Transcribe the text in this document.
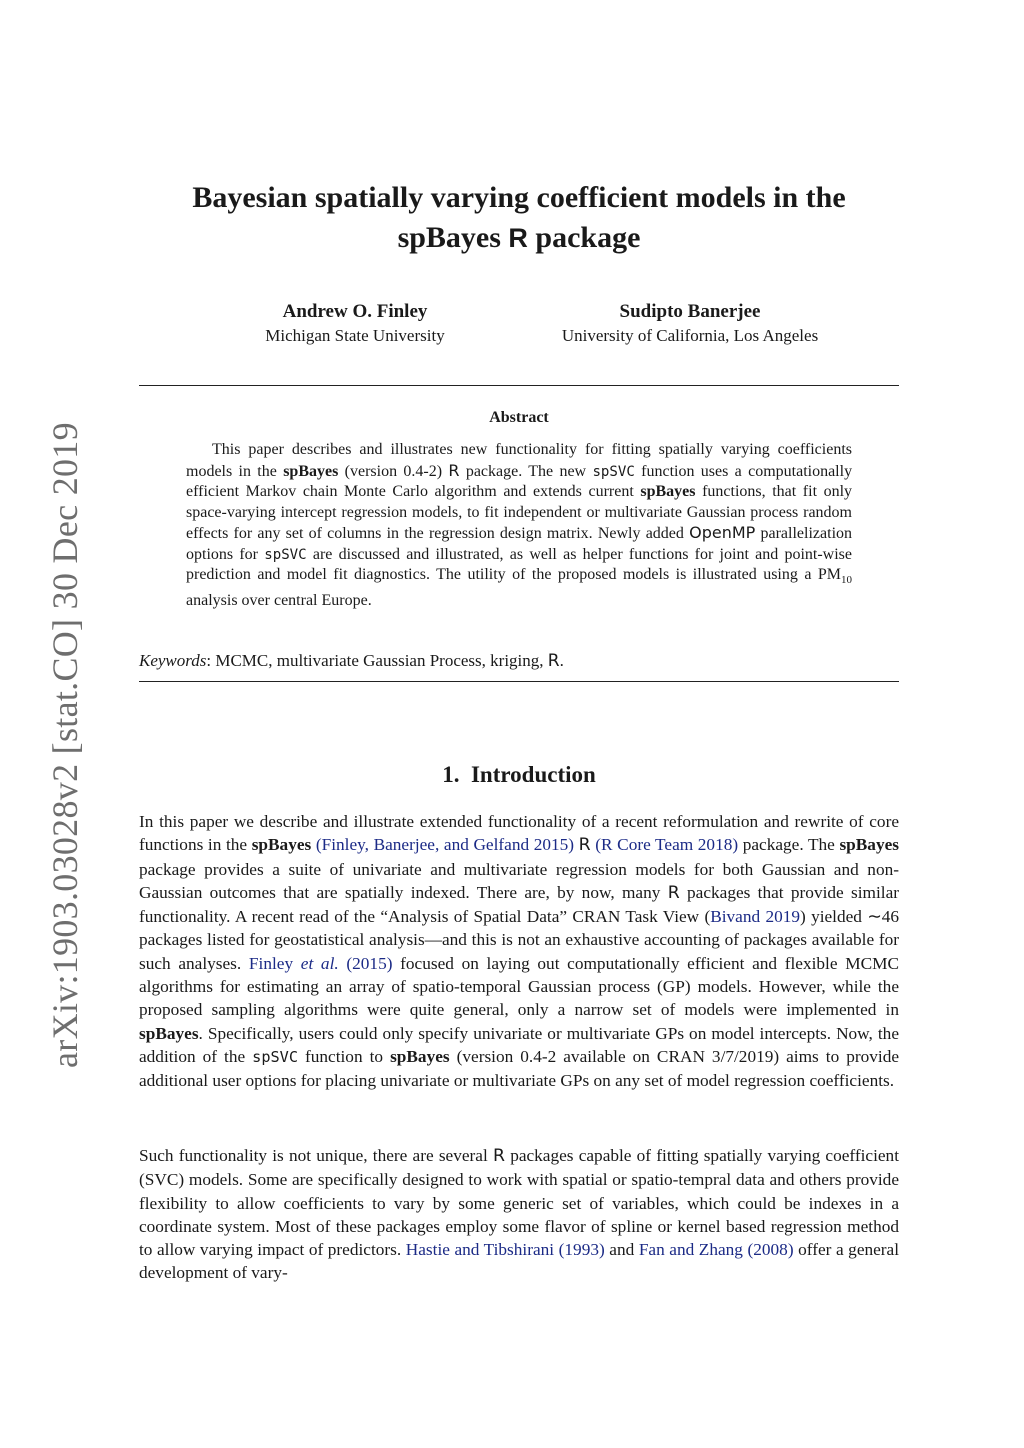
arXiv:1903.03028v2 [stat.CO] 30 Dec 2019
Bayesian spatially varying coefficient models in the
spBayes R package
Andrew O. Finley
Michigan State University
Sudipto Banerjee
University of California, Los Angeles
Abstract
This paper describes and illustrates new functionality for fitting spatially varying coefficients models in the spBayes (version 0.4-2) R package. The new spSVC function uses a computationally efficient Markov chain Monte Carlo algorithm and extends current spBayes functions, that fit only space-varying intercept regression models, to fit independent or multivariate Gaussian process random effects for any set of columns in the regression design matrix. Newly added OpenMP parallelization options for spSVC are discussed and illustrated, as well as helper functions for joint and point-wise prediction and model fit diagnostics. The utility of the proposed models is illustrated using a $PM_{10}$ analysis over central Europe.
Keywords: MCMC, multivariate Gaussian Process, kriging, R.
1. Introduction
In this paper we describe and illustrate extended functionality of a recent reformulation and rewrite of core functions in the spBayes (Finley, Banerjee, and Gelfand 2015) R (R Core Team 2018) package. The spBayes package provides a suite of univariate and multivariate regression models for both Gaussian and non-Gaussian outcomes that are spatially indexed. There are, by now, many R packages that provide similar functionality. A recent read of the “Analysis of Spatial Data” CRAN Task View (Bivand 2019) yielded ∼46 packages listed for geostatistical analysis—and this is not an exhaustive accounting of packages available for such analyses. Finley et al. (2015) focused on laying out computationally efficient and flexible MCMC algorithms for estimating an array of spatio-temporal Gaussian process (GP) models. However, while the proposed sampling algorithms were quite general, only a narrow set of models were implemented in spBayes. Specifically, users could only specify univariate or multivariate GPs on model intercepts. Now, the addition of the spSVC function to spBayes (version 0.4-2 available on CRAN 3/7/2019) aims to provide additional user options for placing univariate or multivariate GPs on any set of model regression coefficients.
Such functionality is not unique, there are several R packages capable of fitting spatially varying coefficient (SVC) models. Some are specifically designed to work with spatial or spatio-tempral data and others provide flexibility to allow coefficients to vary by some generic set of variables, which could be indexes in a coordinate system. Most of these packages employ some flavor of spline or kernel based regression method to allow varying impact of predictors. Hastie and Tibshirani (1993) and Fan and Zhang (2008) offer a general development of vary-
